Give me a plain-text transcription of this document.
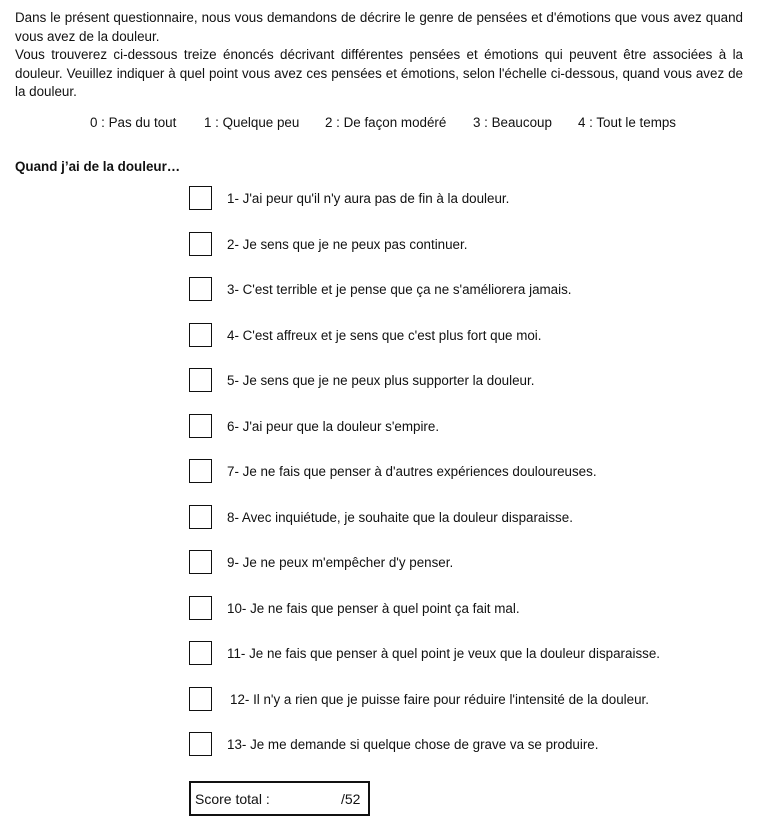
Dans le présent questionnaire, nous vous demandons de décrire le genre de pensées et d'émotions que vous avez quand vous avez de la douleur.

Vous trouverez ci-dessous treize énoncés décrivant différentes pensées et émotions qui peuvent être associées à la douleur. Veuillez indiquer à quel point vous avez ces pensées et émotions, selon l'échelle ci-dessous, quand vous avez de la douleur.

0 : Pas du tout 1 : Quelque peu 2 : De façon modéré 3 : Beaucoup 4 : Tout le temps
Quand j’ai de la douleur…
1- J'ai peur qu'il n'y aura pas de fin à la douleur.
2- Je sens que je ne peux pas continuer.
3- C'est terrible et je pense que ça ne s'améliorera jamais.
4- C'est affreux et je sens que c'est plus fort que moi.
5- Je sens que je ne peux plus supporter la douleur.
6- J'ai peur que la douleur s'empire.
7- Je ne fais que penser à d'autres expériences douloureuses.
8- Avec inquiétude, je souhaite que la douleur disparaisse.
9- Je ne peux m'empêcher d'y penser.
10- Je ne fais que penser à quel point ça fait mal.
11- Je ne fais que penser à quel point je veux que la douleur disparaisse.
12- Il n'y a rien que je puisse faire pour réduire l'intensité de la douleur.
13- Je me demande si quelque chose de grave va se produire.
Score total :	/52
